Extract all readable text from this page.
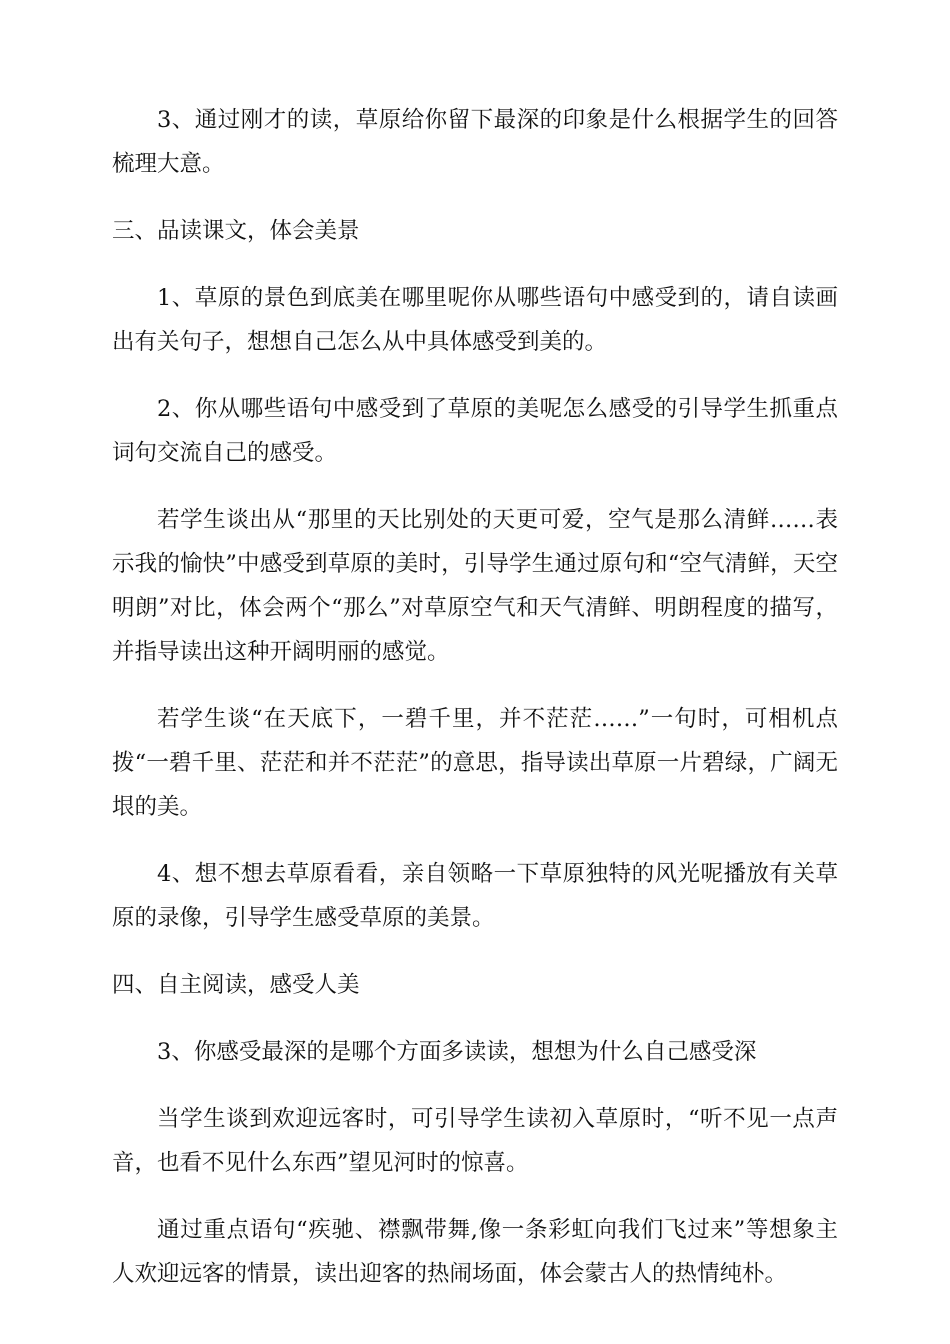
3、通过刚才的读，草原给你留下最深的印象是什么根据学生的回答梳理大意。

三、品读课文，体会美景

1、草原的景色到底美在哪里呢你从哪些语句中感受到的，请自读画出有关句子，想想自己怎么从中具体感受到美的。

2、你从哪些语句中感受到了草原的美呢怎么感受的引导学生抓重点词句交流自己的感受。

若学生谈出从“那里的天比别处的天更可爱，空气是那么清鲜……表示我的愉快”中感受到草原的美时，引导学生通过原句和“空气清鲜，天空明朗”对比，体会两个“那么”对草原空气和天气清鲜、明朗程度的描写，并指导读出这种开阔明丽的感觉。

若学生谈“在天底下，一碧千里，并不茫茫……”一句时，可相机点拨“一碧千里、茫茫和并不茫茫”的意思，指导读出草原一片碧绿，广阔无垠的美。

4、想不想去草原看看，亲自领略一下草原独特的风光呢播放有关草原的录像，引导学生感受草原的美景。

四、自主阅读，感受人美

3、你感受最深的是哪个方面多读读，想想为什么自己感受深

当学生谈到欢迎远客时，可引导学生读初入草原时，“听不见一点声音，也看不见什么东西”望见河时的惊喜。

通过重点语句“疾驰、襟飘带舞,像一条彩虹向我们飞过来”等想象主人欢迎远客的情景，读出迎客的热闹场面，体会蒙古人的热情纯朴。
